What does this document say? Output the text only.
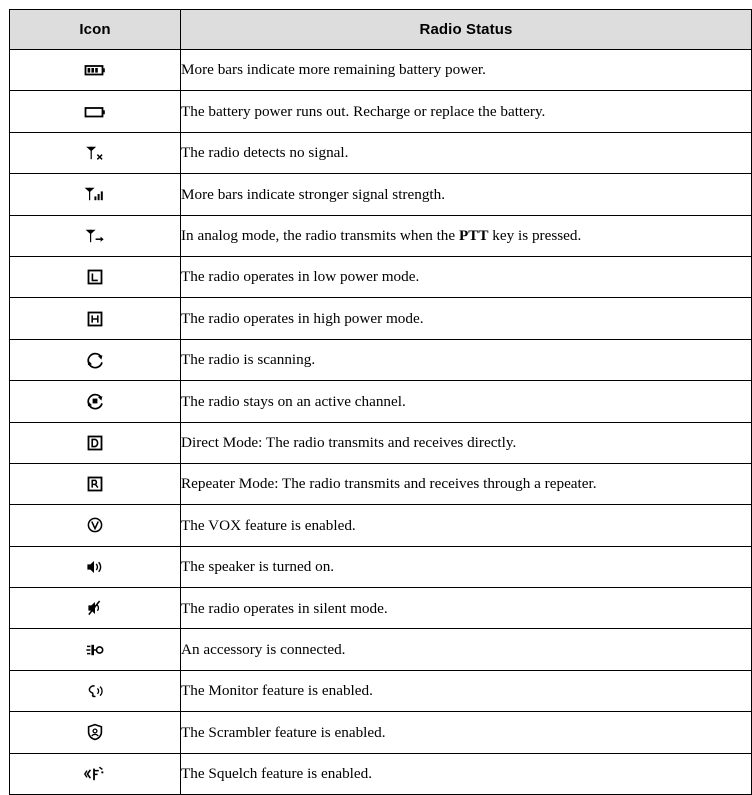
Icon	Radio Status

	More bars indicate more remaining battery power.

	The battery power runs out. Recharge or replace the battery.

	The radio detects no signal.

	More bars indicate stronger signal strength.

	In analog mode, the radio transmits when the PTT key is pressed.

	The radio operates in low power mode.

	The radio operates in high power mode.

	The radio is scanning.

	The radio stays on an active channel.

	Direct Mode: The radio transmits and receives directly.

	Repeater Mode: The radio transmits and receives through a repeater.

	The VOX feature is enabled.

	The speaker is turned on.

	The radio operates in silent mode.

	An accessory is connected.

	The Monitor feature is enabled.

	The Scrambler feature is enabled.

	The Squelch feature is enabled.
